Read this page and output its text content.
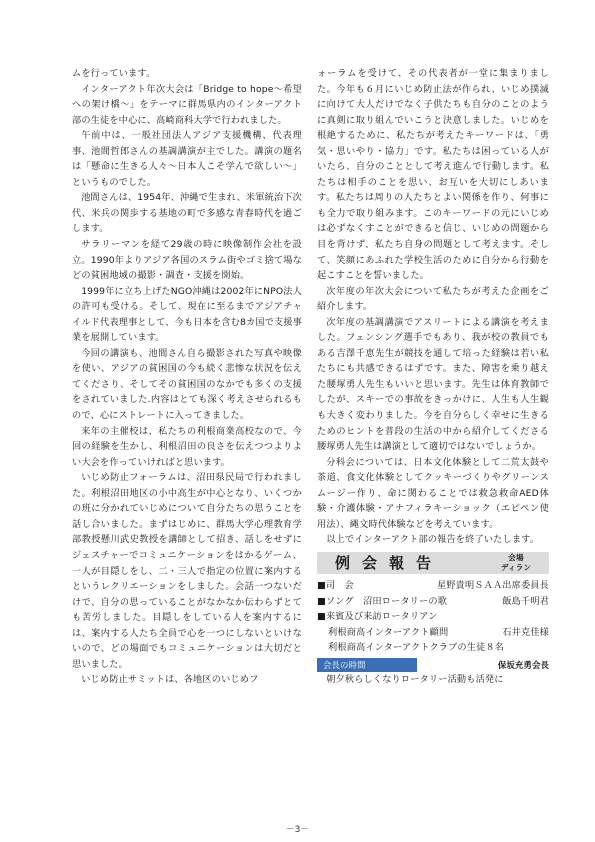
ムを行っています。

インターアクト年次大会は「Bridge to hope～希望への架け橋～」をテーマに群馬県内のインターアクト部の生徒を中心に、高崎商科大学で行われました。

午前中は、一般社団法人アジア支援機構、代表理事、池間哲郎さんの基調講演が主でした。講演の題名は「懸命に生きる人々～日本人こそ学んで欲しい～」というものでした。

池間さんは、1954年、沖縄で生まれ、米軍統治下次代、米兵の関歩する基地の町で多感な青春時代を過ごします。

サラリーマンを経て29歳の時に映像制作会社を設立。1990年よりアジア各国のスラム街やゴミ捨て場などの貧困地域の撮影・調査・支援を開始。

1999年に立ち上げたNGO沖縄は2002年にNPO法人の許可も受ける。そして、現在に至るまでアジアチャイルド代表理事として、今も日本を含む8カ国で支援事業を展開しています。

今回の講演も、池間さん自ら撮影された写真や映像を使い、アジアの貧困国の今も続く悲惨な状況を伝えてくださり、そしてその貧困国のなかでも多くの支援をされていました.内容はとても深く考えさせられるもので、心にストレートに入ってきました。

来年の主催校は、私たちの利根商業高校なので、今回の経験を生かし、利根沼田の良さを伝えつつよりよい大会を作っていければと思います。

いじめ防止フォーラムは、沼田県民局で行われました。利根沼田地区の小中高生が中心となり、いくつかの班に分かれていじめについて自分たちの思うことを話し合いました。まずはじめに、群馬大学心理教育学部教授懸川武史教授を講師として招き、話しをせずにジェスチャーでコミュニケーションをはかるゲーム、一人が目隠しをし、二・三人で指定の位置に案内するというレクリエーションをしました。会話一つないだけで、自分の思っていることがなかなか伝わらずとても苦労しました。目隠しをしている人を案内するには、案内する人たち全員で心を一つにしないといけないので、どの場面でもコミュニケーションは大切だと思いました。

いじめ防止サミットは、各地区のいじめフ

ォーラムを受けて、その代表者が一堂に集まりました。今年も６月にいじめ防止法が作られ、いじめ撲滅に向けて大人だけでなく子供たちも自分のことのように真剣に取り組んでいこうと決意しました。いじめを根絶するために、私たちが考えたキーワードは、「勇気・思いやり・協力」です。私たちは困っている人がいたら、自分のこととして考え進んで行動します。私たちは相手のことを思い、お互いを大切にしあいます。私たちは周りの人たちとよい関係を作り、何事にも全力で取り組みます。このキーワードの元にいじめは必ずなくすことができると信じ、いじめの問題から目を背けず、私たち自身の問題として考えます。そして、笑顔にあふれた学校生活のために自分から行動を起こすことを誓いました。

次年度の年次大会について私たちが考えた企画をご紹介します。

次年度の基調講演でアスリートによる講演を考えました。フェンシング選手でもあり、我が校の教員でもある吉澤千恵先生が競技を通して培った経験は若い私たちにも共感できるはずです。また、障害を乗り越えた腰塚勇人先生もいいと思います。先生は体育教師でしたが、スキーでの事故をきっかけに、人生も人生観も大きく変わりました。今を自分らしく幸せに生きるためのヒントを普段の生活の中から紹介してくださる腰塚勇人先生は講演として適切ではないでしょうか。

分科会については、日本文化体験として二荒太鼓や茶道、食文化体験としてクッキーづくりやグリーンスムージー作り、命に関わることでは救急救命AED体験・介護体験・アナフィラキーショック（エピペン使用法）、縄文時代体験などを考えています。

以上でインターアクト部の報告を終了いたします。

例会報告	会場
ディラン
■司　会	星野貴明ＳＡＡ出席委員長
■ソング　沼田ロータリーの歌	飯島千明君
■来賓及び来訪ロータリアン
利根商高インターアクト顧問	石井克佳様
利根商高インターアクトクラブの生徒８名
会長の時間	保坂充勇会長

朝夕秋らしくなりロータリー活動も活発に

－3－
